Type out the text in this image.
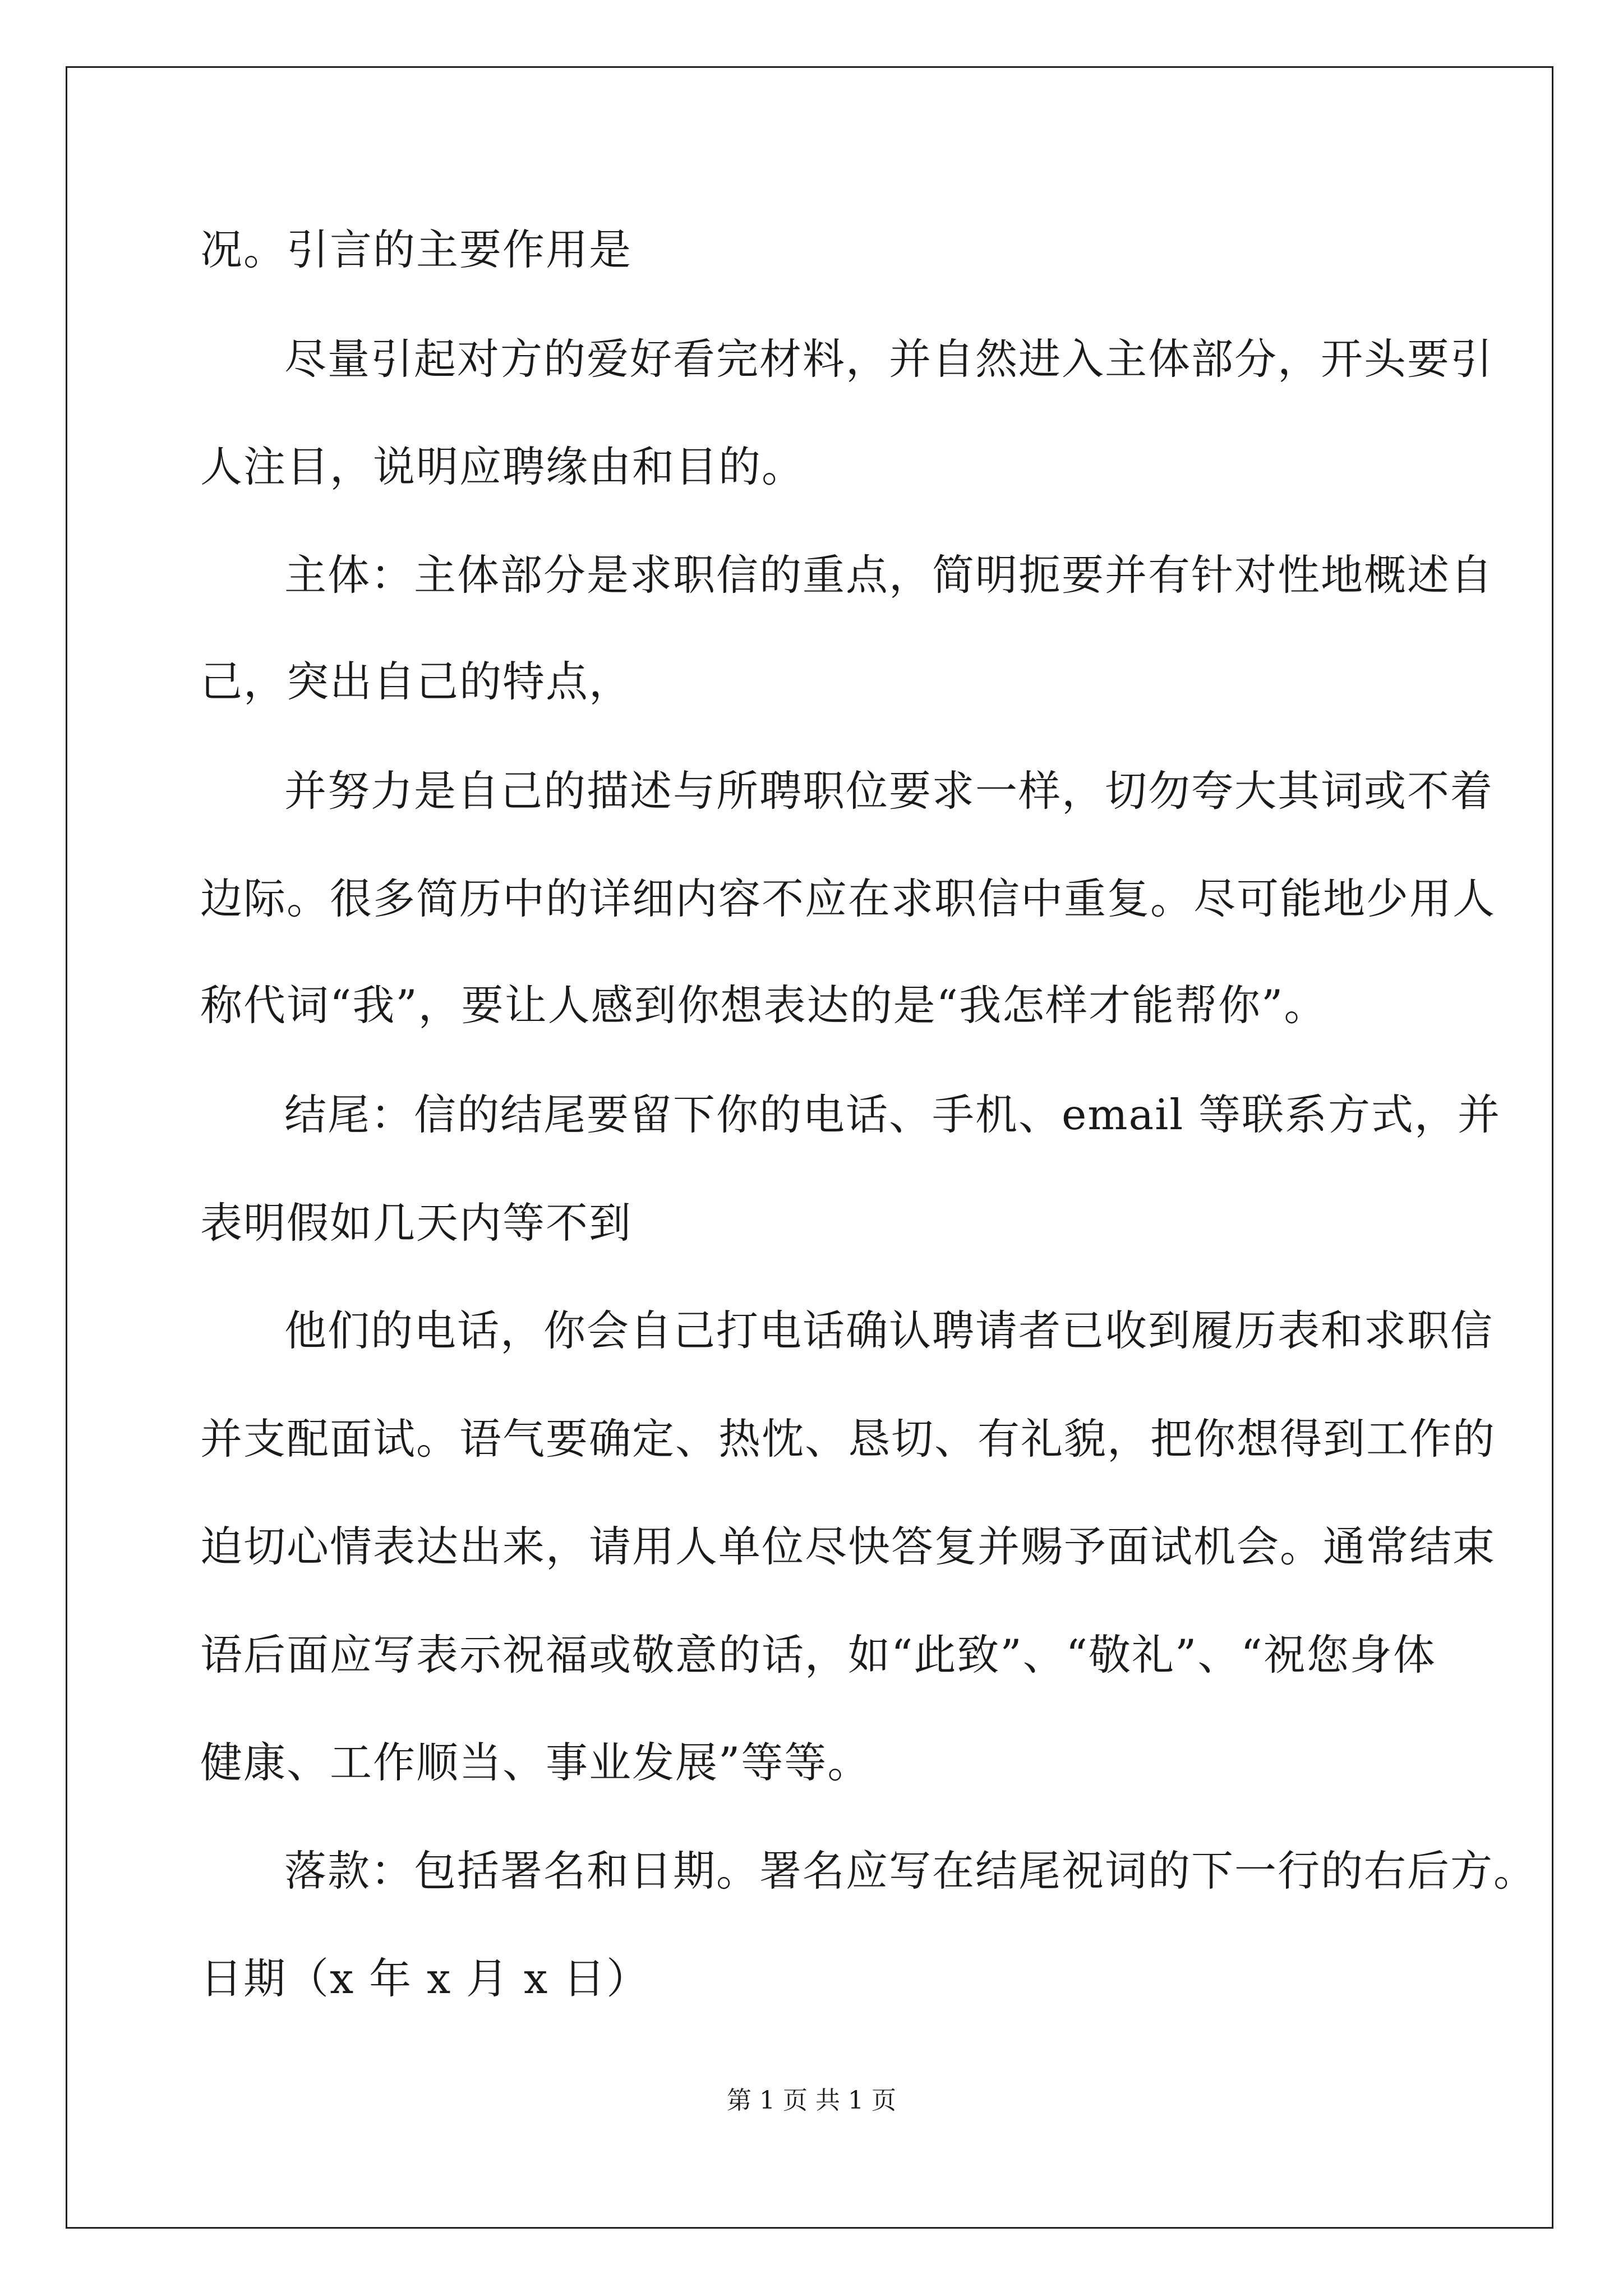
况。引言的主要作用是
尽量引起对方的爱好看完材料，并自然进入主体部分，开头要引
人注目，说明应聘缘由和目的。
主体：主体部分是求职信的重点，简明扼要并有针对性地概述自
己，突出自己的特点，
并努力是自己的描述与所聘职位要求一样，切勿夸大其词或不着
边际。很多简历中的详细内容不应在求职信中重复。尽可能地少用人
称代词“我”，要让人感到你想表达的是“我怎样才能帮你”。
结尾：信的结尾要留下你的电话、手机、email 等联系方式，并
表明假如几天内等不到
他们的电话，你会自己打电话确认聘请者已收到履历表和求职信
并支配面试。语气要确定、热忱、恳切、有礼貌，把你想得到工作的
迫切心情表达出来，请用人单位尽快答复并赐予面试机会。通常结束
语后面应写表示祝福或敬意的话，如“此致”、“敬礼”、“祝您身体
健康、工作顺当、事业发展”等等。
落款：包括署名和日期。署名应写在结尾祝词的下一行的右后方。
日期（x 年 x 月 x 日）
第 1 页 共 1 页
